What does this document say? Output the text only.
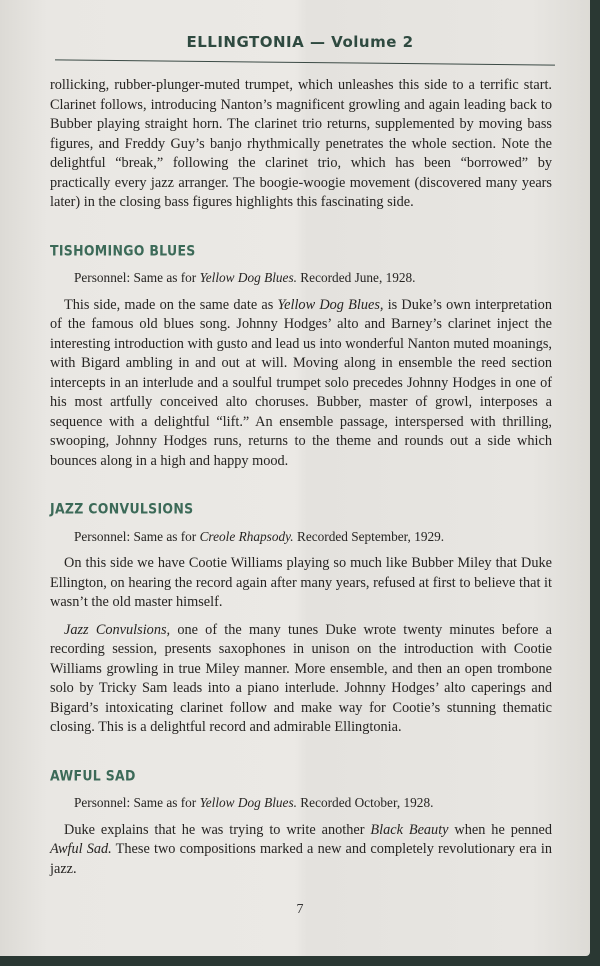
ELLINGTONIA — Volume 2

rollicking, rubber-plunger-muted trumpet, which unleashes this side to a terrific start. Clarinet follows, introducing Nanton’s magnificent growling and again leading back to Bubber playing straight horn. The clarinet trio returns, supplemented by moving bass figures, and Freddy Guy’s banjo rhythmically penetrates the whole section. Note the delightful “break,” following the clarinet trio, which has been “borrowed” by practically every jazz arranger. The boogie-woogie movement (discovered many years later) in the closing bass figures highlights this fascinating side.

TISHOMINGO BLUES

Personnel: Same as for Yellow Dog Blues. Recorded June, 1928.

This side, made on the same date as Yellow Dog Blues, is Duke’s own interpretation of the famous old blues song. Johnny Hodges’ alto and Barney’s clarinet inject the interesting introduction with gusto and lead us into wonderful Nanton muted moanings, with Bigard ambling in and out at will. Moving along in ensemble the reed section intercepts in an interlude and a soulful trumpet solo precedes Johnny Hodges in one of his most artfully conceived alto choruses. Bubber, master of growl, interposes a sequence with a delightful “lift.” An ensemble passage, interspersed with thrilling, swooping, Johnny Hodges runs, returns to the theme and rounds out a side which bounces along in a high and happy mood.

JAZZ CONVULSIONS

Personnel: Same as for Creole Rhapsody. Recorded September, 1929.

On this side we have Cootie Williams playing so much like Bubber Miley that Duke Ellington, on hearing the record again after many years, refused at first to believe that it wasn’t the old master himself.

Jazz Convulsions, one of the many tunes Duke wrote twenty minutes before a recording session, presents saxophones in unison on the introduction with Cootie Williams growling in true Miley manner. More ensemble, and then an open trombone solo by Tricky Sam leads into a piano interlude. Johnny Hodges’ alto caperings and Bigard’s intoxicating clarinet follow and make way for Cootie’s stunning thematic closing. This is a delightful record and admirable Ellingtonia.

AWFUL SAD

Personnel: Same as for Yellow Dog Blues. Recorded October, 1928.

Duke explains that he was trying to write another Black Beauty when he penned Awful Sad. These two compositions marked a new and completely revolutionary era in jazz.

7
